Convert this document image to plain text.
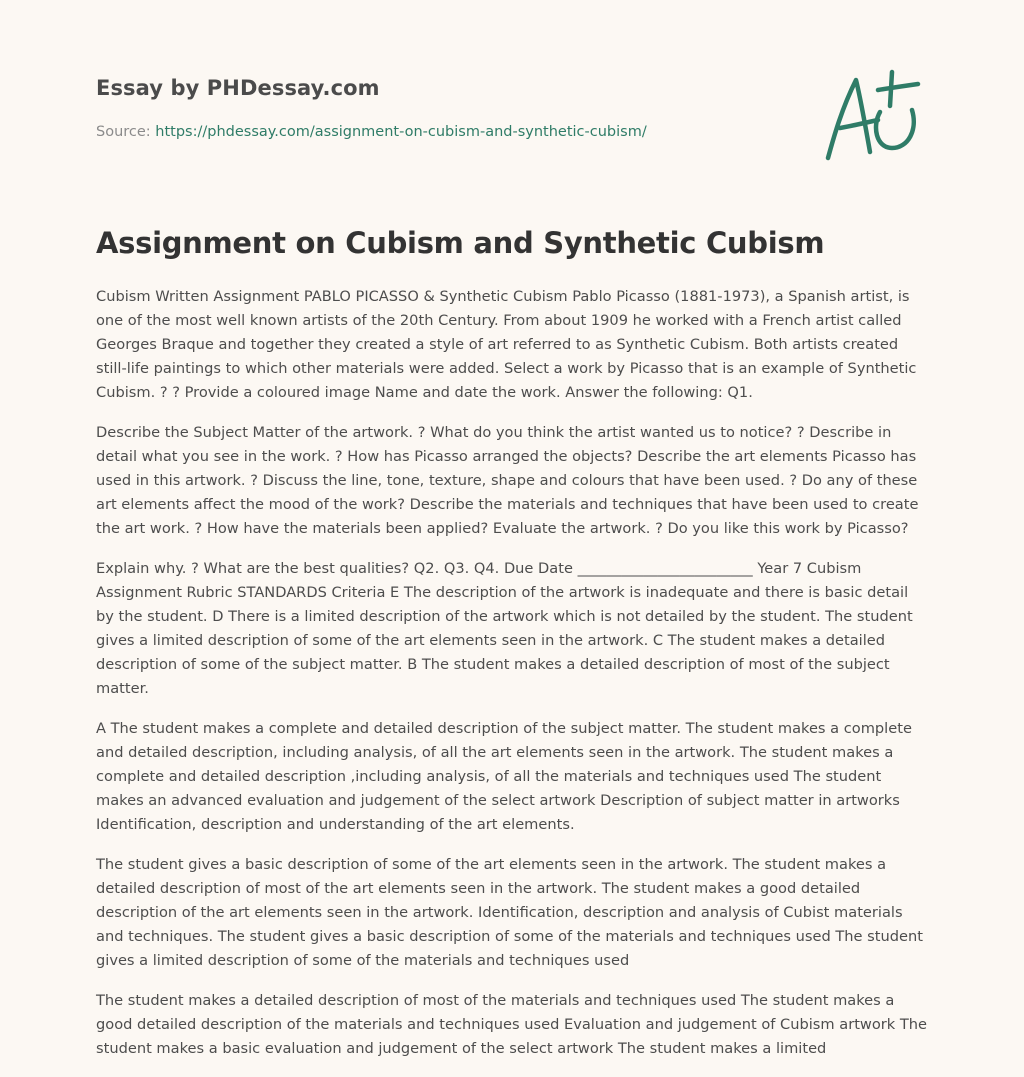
Essay by PHDessay.com
Source: https://phdessay.com/assignment-on-cubism-and-synthetic-cubism/
Assignment on Cubism and Synthetic Cubism

Cubism Written Assignment PABLO PICASSO & Synthetic Cubism Pablo Picasso (1881-1973), a Spanish artist, is one of the most well known artists of the 20th Century. From about 1909 he worked with a French artist called Georges Braque and together they created a style of art referred to as Synthetic Cubism. Both artists created still-life paintings to which other materials were added. Select a work by Picasso that is an example of Synthetic Cubism. ? ? Provide a coloured image Name and date the work. Answer the following: Q1.

Describe the Subject Matter of the artwork. ? What do you think the artist wanted us to notice? ? Describe in detail what you see in the work. ? How has Picasso arranged the objects? Describe the art elements Picasso has used in this artwork. ? Discuss the line, tone, texture, shape and colours that have been used. ? Do any of these art elements affect the mood of the work? Describe the materials and techniques that have been used to create the art work. ? How have the materials been applied? Evaluate the artwork. ? Do you like this work by Picasso?

Explain why. ? What are the best qualities? Q2. Q3. Q4. Due Date ________________________ Year 7 Cubism Assignment Rubric STANDARDS Criteria E The description of the artwork is inadequate and there is basic detail by the student. D There is a limited description of the artwork which is not detailed by the student. The student gives a limited description of some of the art elements seen in the artwork. C The student makes a detailed description of some of the subject matter. B The student makes a detailed description of most of the subject matter.

A The student makes a complete and detailed description of the subject matter. The student makes a complete and detailed description, including analysis, of all the art elements seen in the artwork. The student makes a complete and detailed description ,including analysis, of all the materials and techniques used The student makes an advanced evaluation and judgement of the select artwork Description of subject matter in artworks Identification, description and understanding of the art elements.

The student gives a basic description of some of the art elements seen in the artwork. The student makes a detailed description of most of the art elements seen in the artwork. The student makes a good detailed description of the art elements seen in the artwork. Identification, description and analysis of Cubist materials and techniques. The student gives a basic description of some of the materials and techniques used The student gives a limited description of some of the materials and techniques used

The student makes a detailed description of most of the materials and techniques used The student makes a good detailed description of the materials and techniques used Evaluation and judgement of Cubism artwork The student makes a basic evaluation and judgement of the select artwork The student makes a limited
